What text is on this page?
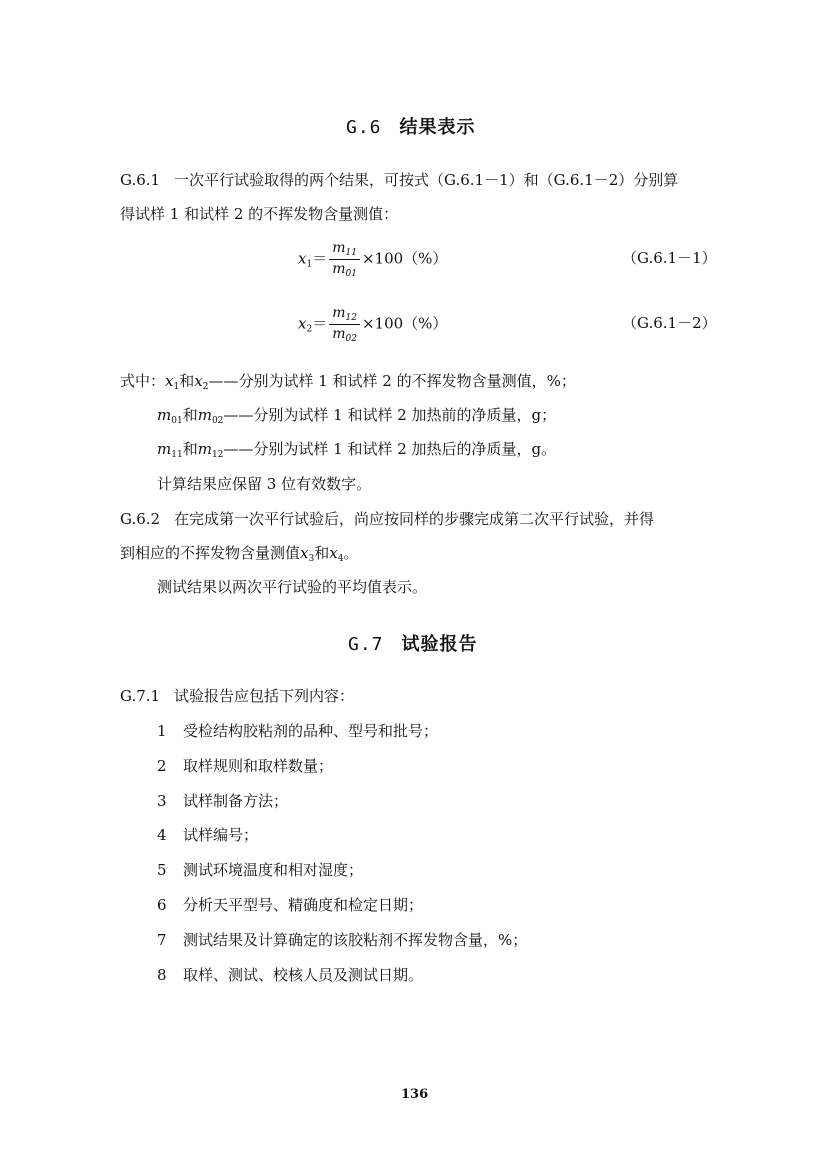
G.6 结果表示
G.6.1 一次平行试验取得的两个结果，可按式（G.6.1－1）和（G.6.1－2）分别算
得试样 1 和试样 2 的不挥发物含量测值：
$x_1= \frac{m_{11}}{m_{01}} \times 100(\%)$	（G.6.1－1）
$x_2= \frac{m_{12}}{m_{02}} \times 100(\%)$	（G.6.1－2）
式中：$x_1$和$x_2——$分别为试样 1 和试样 2 的不挥发物含量测值，%；
$m_{01}$和$m_{02}——$分别为试样 1 和试样 2 加热前的净质量，g；
$m_{11}$和$m_{12}——$分别为试样 1 和试样 2 加热后的净质量，g。
计算结果应保留 3 位有效数字。
G.6.2 在完成第一次平行试验后，尚应按同样的步骤完成第二次平行试验，并得
到相应的不挥发物含量测值$x_3$和$x_4$。
测试结果以两次平行试验的平均值表示。
G.7 试验报告
G.7.1 试验报告应包括下列内容：
1 受检结构胶粘剂的品种、型号和批号；
2 取样规则和取样数量；
3 试样制备方法；
4 试样编号；
5 测试环境温度和相对湿度；
6 分析天平型号、精确度和检定日期；
7 测试结果及计算确定的该胶粘剂不挥发物含量，%；
8 取样、测试、校核人员及测试日期。
136
